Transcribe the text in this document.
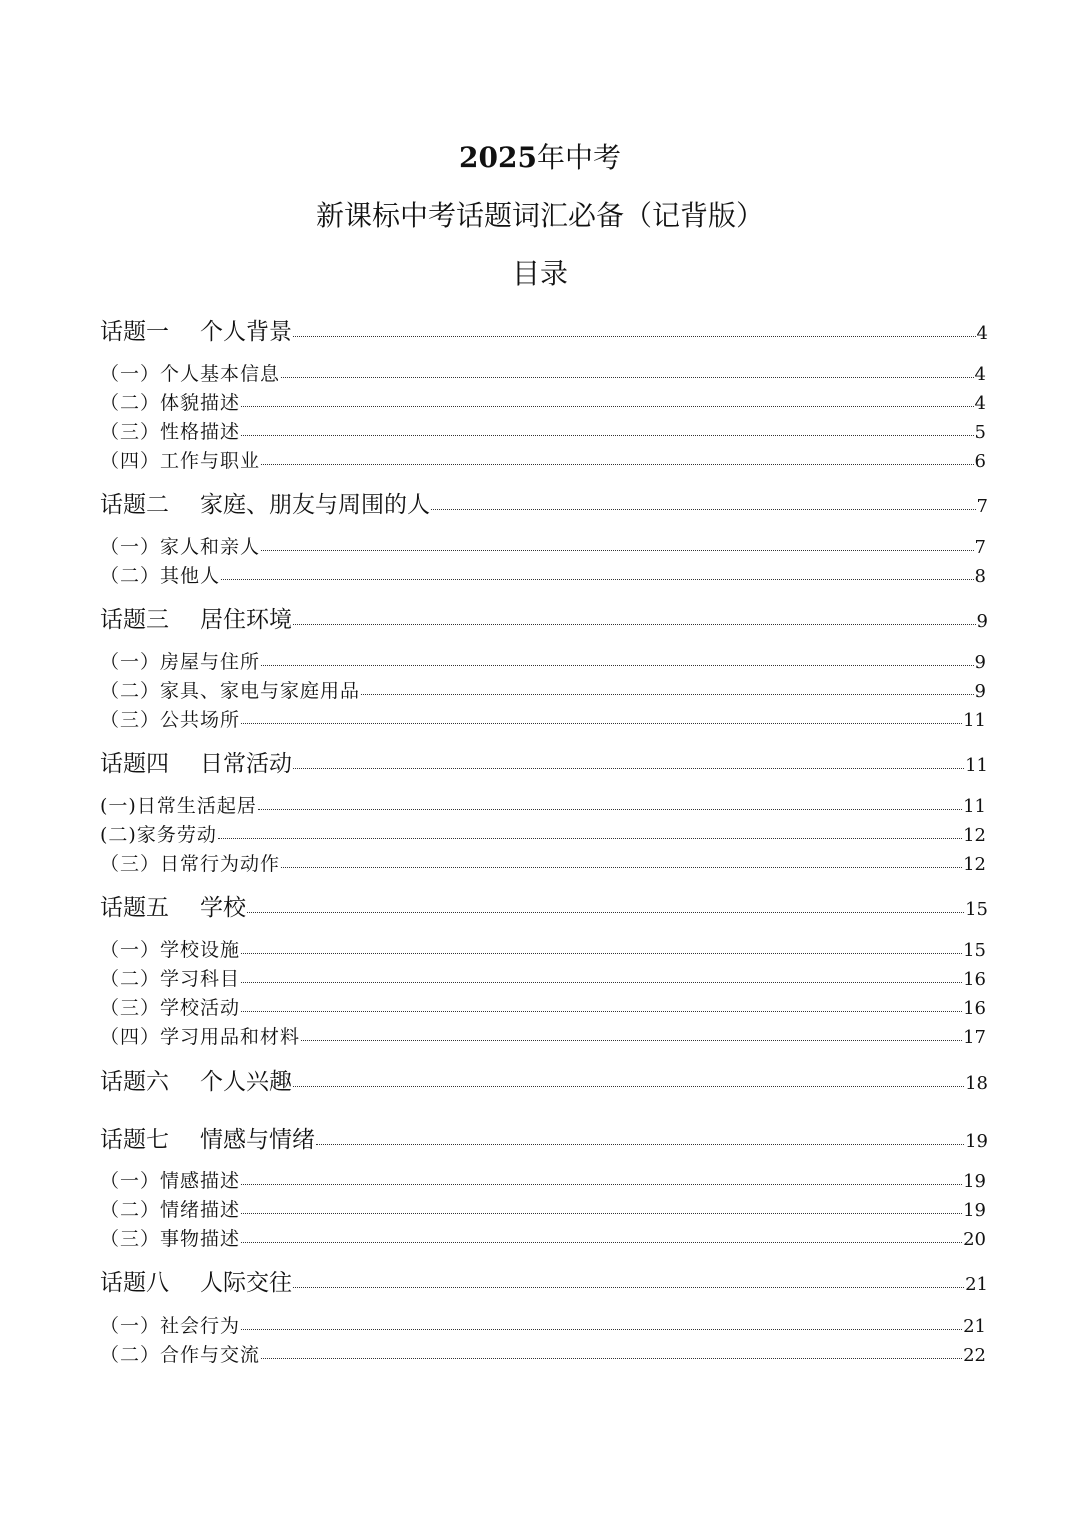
2025年中考
新课标中考话题词汇必备（记背版）
目录
话题一 个人背景	4
（一）个人基本信息	4
（二）体貌描述	4
（三）性格描述	5
（四）工作与职业	6
话题二 家庭、朋友与周围的人	7
（一）家人和亲人	7
（二）其他人	8
话题三 居住环境	9
（一）房屋与住所	9
（二）家具、家电与家庭用品	9
（三）公共场所	11
话题四 日常活动	11
(一)日常生活起居	11
(二)家务劳动	12
（三）日常行为动作	12
话题五 学校	15
（一）学校设施	15
（二）学习科目	16
（三）学校活动	16
（四）学习用品和材料	17
话题六 个人兴趣	18
话题七 情感与情绪	19
（一）情感描述	19
（二）情绪描述	19
（三）事物描述	20
话题八 人际交往	21
（一）社会行为	21
（二）合作与交流	22
